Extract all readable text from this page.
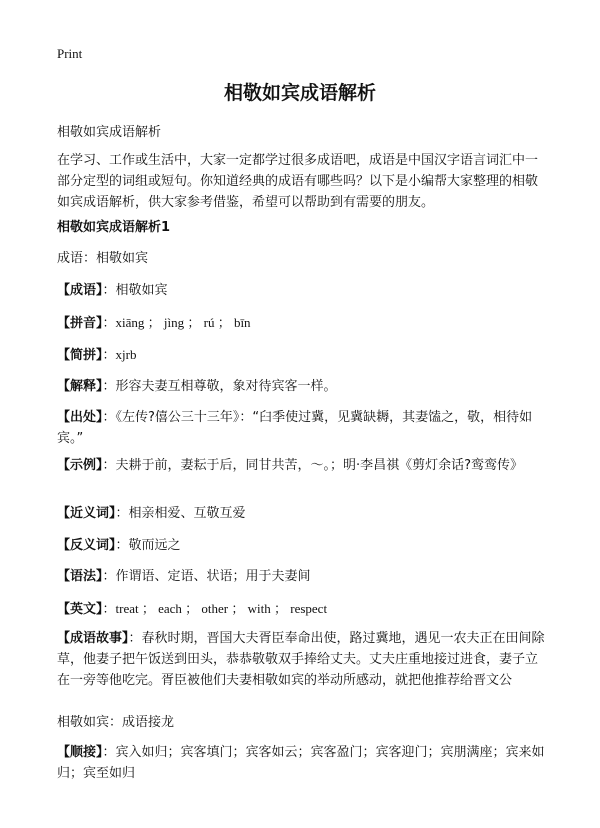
Print
相敬如宾成语解析

相敬如宾成语解析

在学习、工作或生活中，大家一定都学过很多成语吧，成语是中国汉字语言词汇中一部分定型的词组或短句。你知道经典的成语有哪些吗？以下是小编帮大家整理的相敬如宾成语解析，供大家参考借鉴，希望可以帮助到有需要的朋友。

相敬如宾成语解析1

成语：相敬如宾

【成语】：相敬如宾

【拼音】：xiāng ； jìng ； rú ； bīn

【简拼】：xjrb

【解释】：形容夫妻互相尊敬，象对待宾客一样。

【出处】：《左传?僖公三十三年》：“臼季使过冀，见冀缺耨，其妻馌之，敬，相待如宾。”

【示例】：夫耕于前，妻耘于后，同甘共苦，～。；明·李昌祺《剪灯余话?鸾鸾传》

【近义词】：相亲相爱、互敬互爱

【反义词】：敬而远之

【语法】：作谓语、定语、状语；用于夫妻间

【英文】：treat ； each ； other ； with ； respect

【成语故事】：春秋时期，晋国大夫胥臣奉命出使，路过冀地，遇见一农夫正在田间除草，他妻子把午饭送到田头，恭恭敬敬双手捧给丈夫。丈夫庄重地接过进食，妻子立在一旁等他吃完。胥臣被他们夫妻相敬如宾的举动所感动，就把他推荐给晋文公

相敬如宾：成语接龙

【顺接】：宾入如归；宾客填门；宾客如云；宾客盈门；宾客迎门；宾朋满座；宾来如归；宾至如归
